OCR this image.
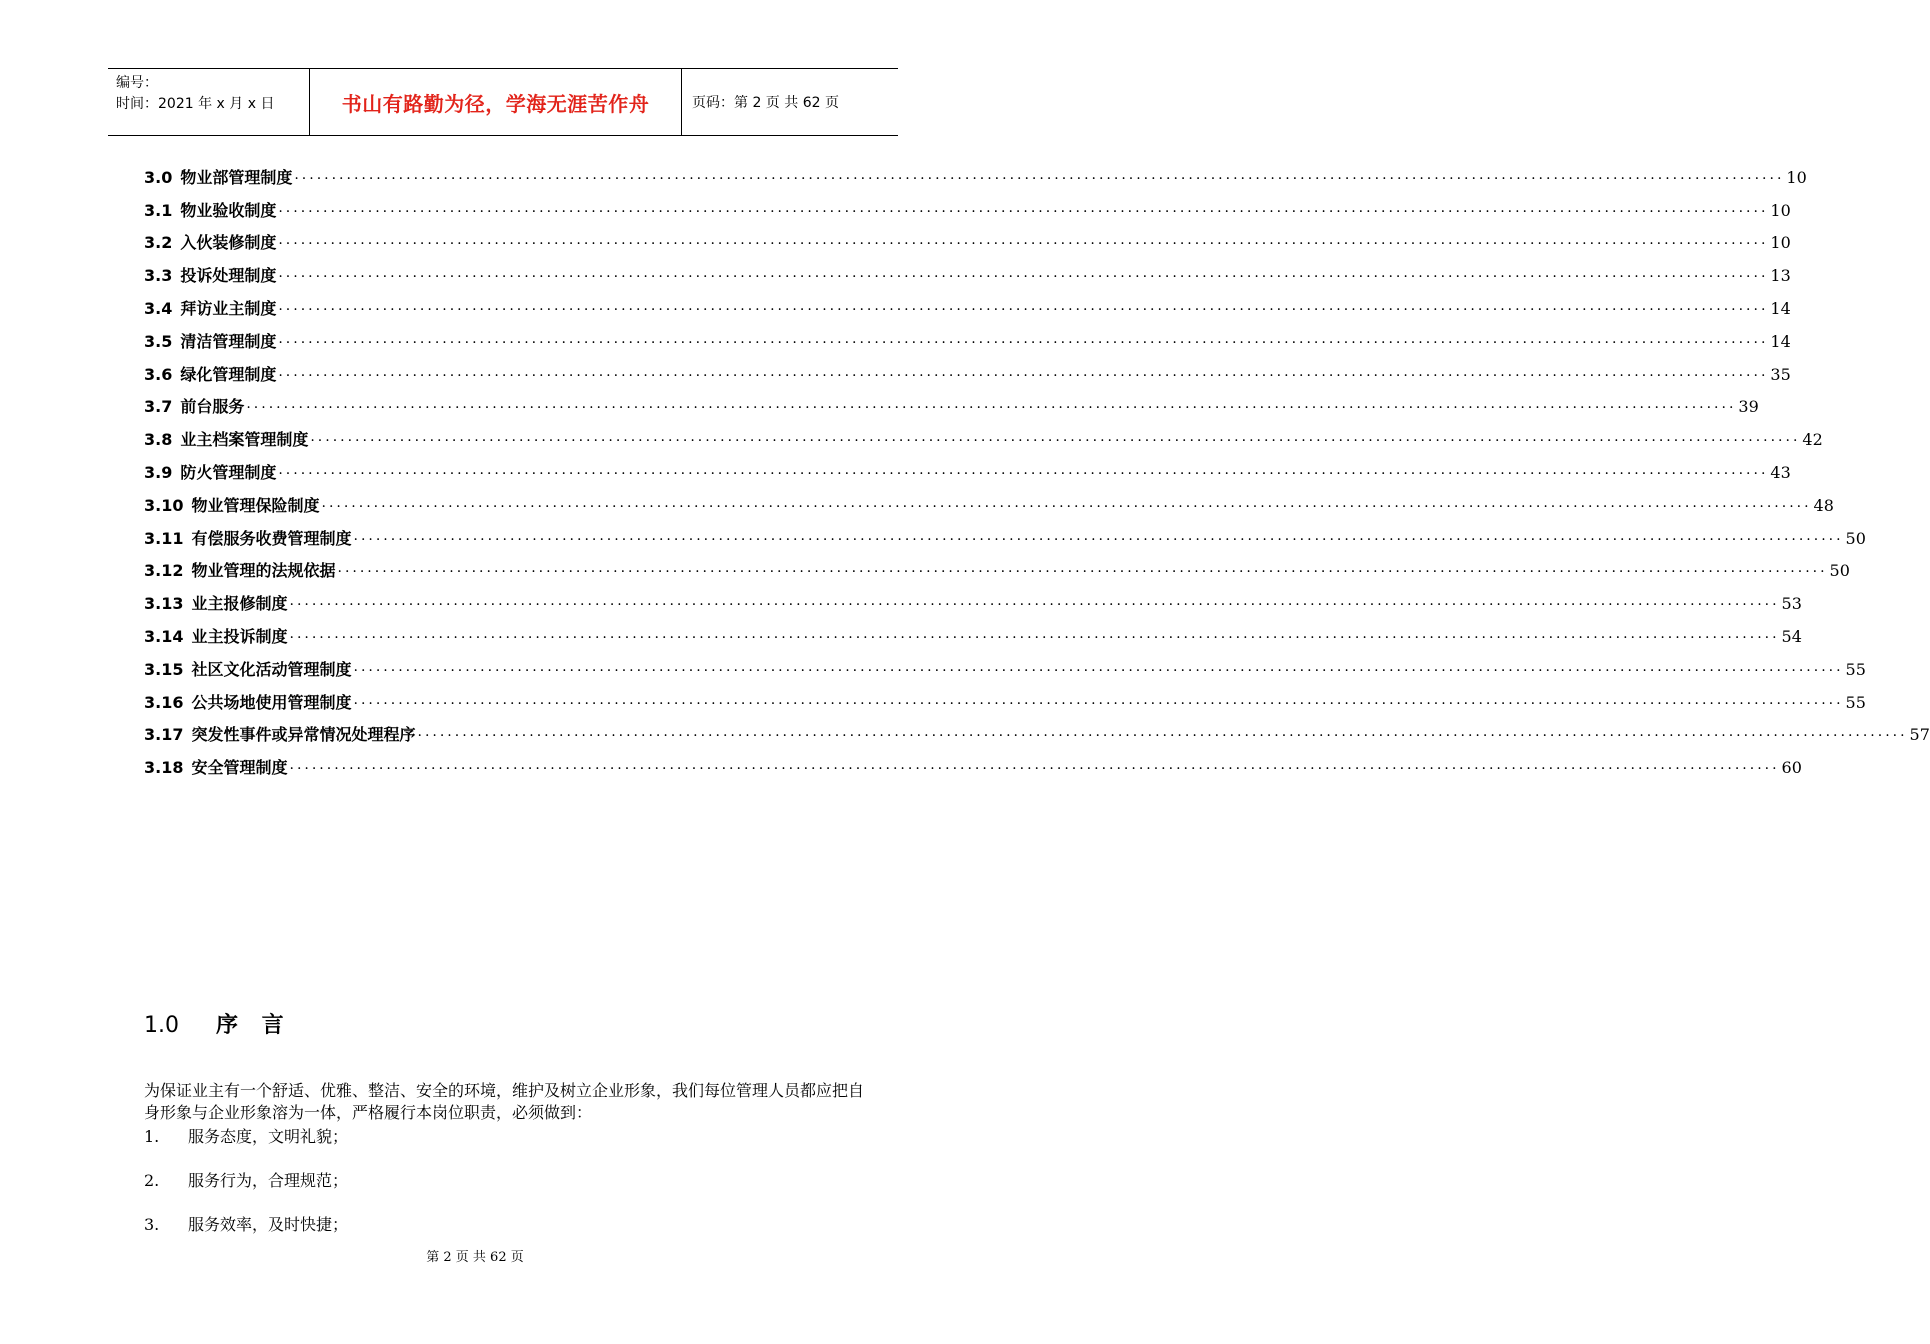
编号：
时间：2021 年 x 月 x 日	书山有路勤为径，学海无涯苦作舟	页码：第 2 页 共 62 页
3.0 物业部管理制度 ........................................................................................................................................................................................................ 10
3.1 物业验收制度 ........................................................................................................................................................................................................ 10
3.2 入伙装修制度 ........................................................................................................................................................................................................ 10
3.3 投诉处理制度 ........................................................................................................................................................................................................ 13
3.4 拜访业主制度 ........................................................................................................................................................................................................ 14
3.5 清洁管理制度 ........................................................................................................................................................................................................ 14
3.6 绿化管理制度 ........................................................................................................................................................................................................ 35
3.7 前台服务 ........................................................................................................................................................................................................ 39
3.8 业主档案管理制度 ........................................................................................................................................................................................................ 42
3.9 防火管理制度 ........................................................................................................................................................................................................ 43
3.10 物业管理保险制度 ........................................................................................................................................................................................................ 48
3.11 有偿服务收费管理制度 ........................................................................................................................................................................................................ 50
3.12 物业管理的法规依据 ........................................................................................................................................................................................................ 50
3.13 业主报修制度 ........................................................................................................................................................................................................ 53
3.14 业主投诉制度 ........................................................................................................................................................................................................ 54
3.15 社区文化活动管理制度 ........................................................................................................................................................................................................ 55
3.16 公共场地使用管理制度 ........................................................................................................................................................................................................ 55
3.17 突发性事件或异常情况处理程序 ........................................................................................................................................................................................................ 57
3.18 安全管理制度 ........................................................................................................................................................................................................ 60
1.0 序 言
为保证业主有一个舒适、优雅、整洁、安全的环境，维护及树立企业形象，我们每位管理人员都应把自身形象与企业形象溶为一体，严格履行本岗位职责，必须做到：
1.	服务态度，文明礼貌；
2.	服务行为，合理规范；
3.	服务效率，及时快捷；
第 2 页 共 62 页
